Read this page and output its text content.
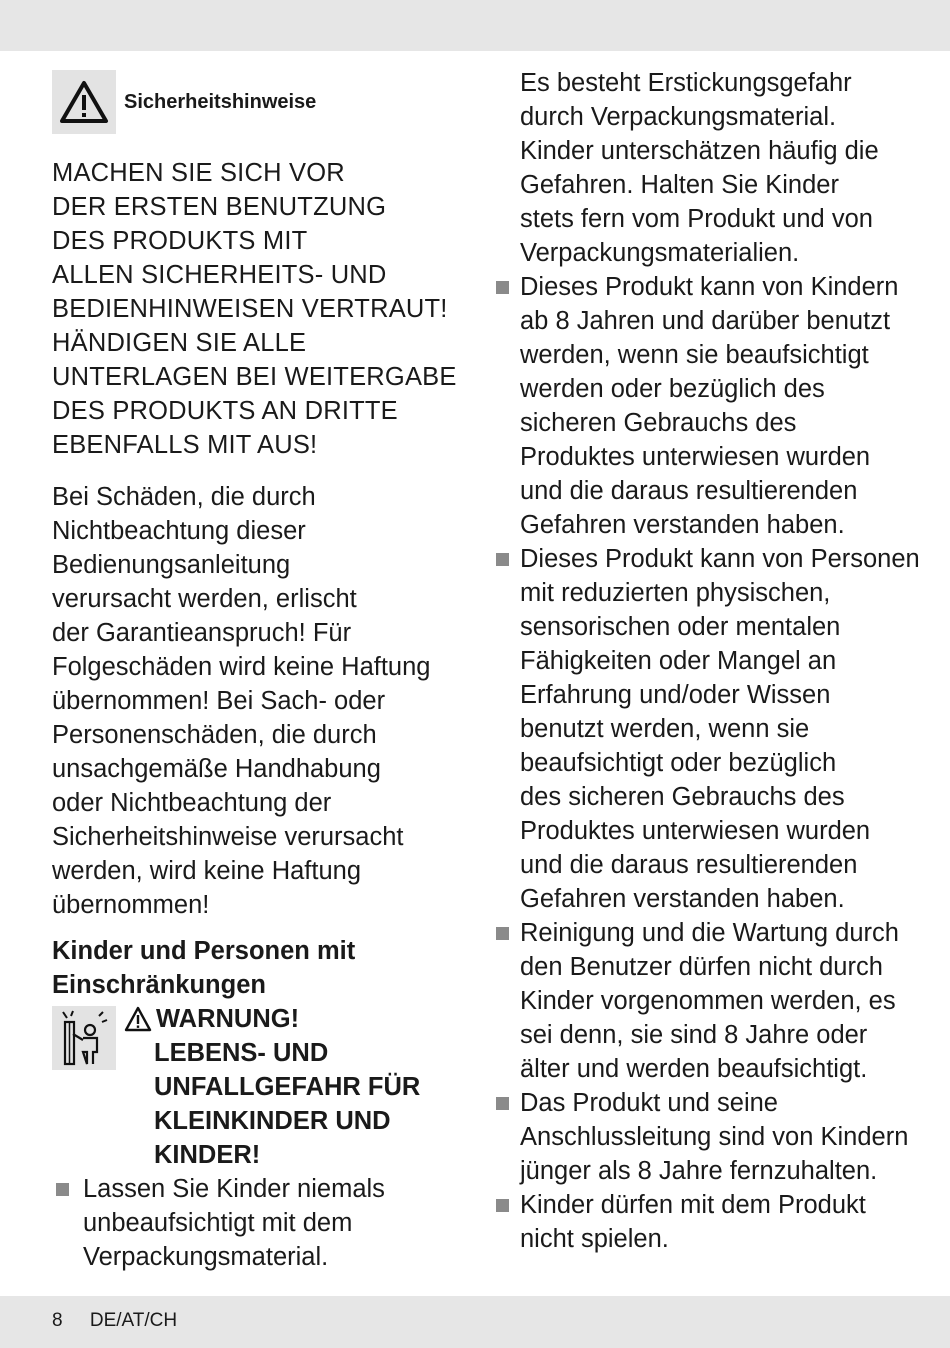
Sicherheitshinweise
MACHEN SIE SICH VOR
DER ERSTEN BENUTZUNG
DES PRODUKTS MIT
ALLEN SICHERHEITS- UND
BEDIENHINWEISEN VERTRAUT!
HÄNDIGEN SIE ALLE
UNTERLAGEN BEI WEITERGABE
DES PRODUKTS AN DRITTE
EBENFALLS MIT AUS!
Bei Schäden, die durch
Nichtbeachtung dieser
Bedienungsanleitung
verursacht werden, erlischt
der Garantieanspruch! Für
Folgeschäden wird keine Haftung
übernommen! Bei Sach- oder
Personenschäden, die durch
unsachgemäße Handhabung
oder Nichtbeachtung der
Sicherheitshinweise verursacht
werden, wird keine Haftung
übernommen!
Kinder und Personen mit
Einschränkungen
WARNUNG!
LEBENS- UND
UNFALLGEFAHR FÜR
KLEINKINDER UND
KINDER!
Lassen Sie Kinder niemals
unbeaufsichtigt mit dem
Verpackungsmaterial.
Es besteht Erstickungsgefahr
durch Verpackungsmaterial.
Kinder unterschätzen häufig die
Gefahren. Halten Sie Kinder
stets fern vom Produkt und von
Verpackungsmaterialien.
Dieses Produkt kann von Kindern
ab 8 Jahren und darüber benutzt
werden, wenn sie beaufsichtigt
werden oder bezüglich des
sicheren Gebrauchs des
Produktes unterwiesen wurden
und die daraus resultierenden
Gefahren verstanden haben.
Dieses Produkt kann von Personen
mit reduzierten physischen,
sensorischen oder mentalen
Fähigkeiten oder Mangel an
Erfahrung und/oder Wissen
benutzt werden, wenn sie
beaufsichtigt oder bezüglich
des sicheren Gebrauchs des
Produktes unterwiesen wurden
und die daraus resultierenden
Gefahren verstanden haben.
Reinigung und die Wartung durch
den Benutzer dürfen nicht durch
Kinder vorgenommen werden, es
sei denn, sie sind 8 Jahre oder
älter und werden beaufsichtigt.
Das Produkt und seine
Anschlussleitung sind von Kindern
jünger als 8 Jahre fernzuhalten.
Kinder dürfen mit dem Produkt
nicht spielen.
8 DE/AT/CH
